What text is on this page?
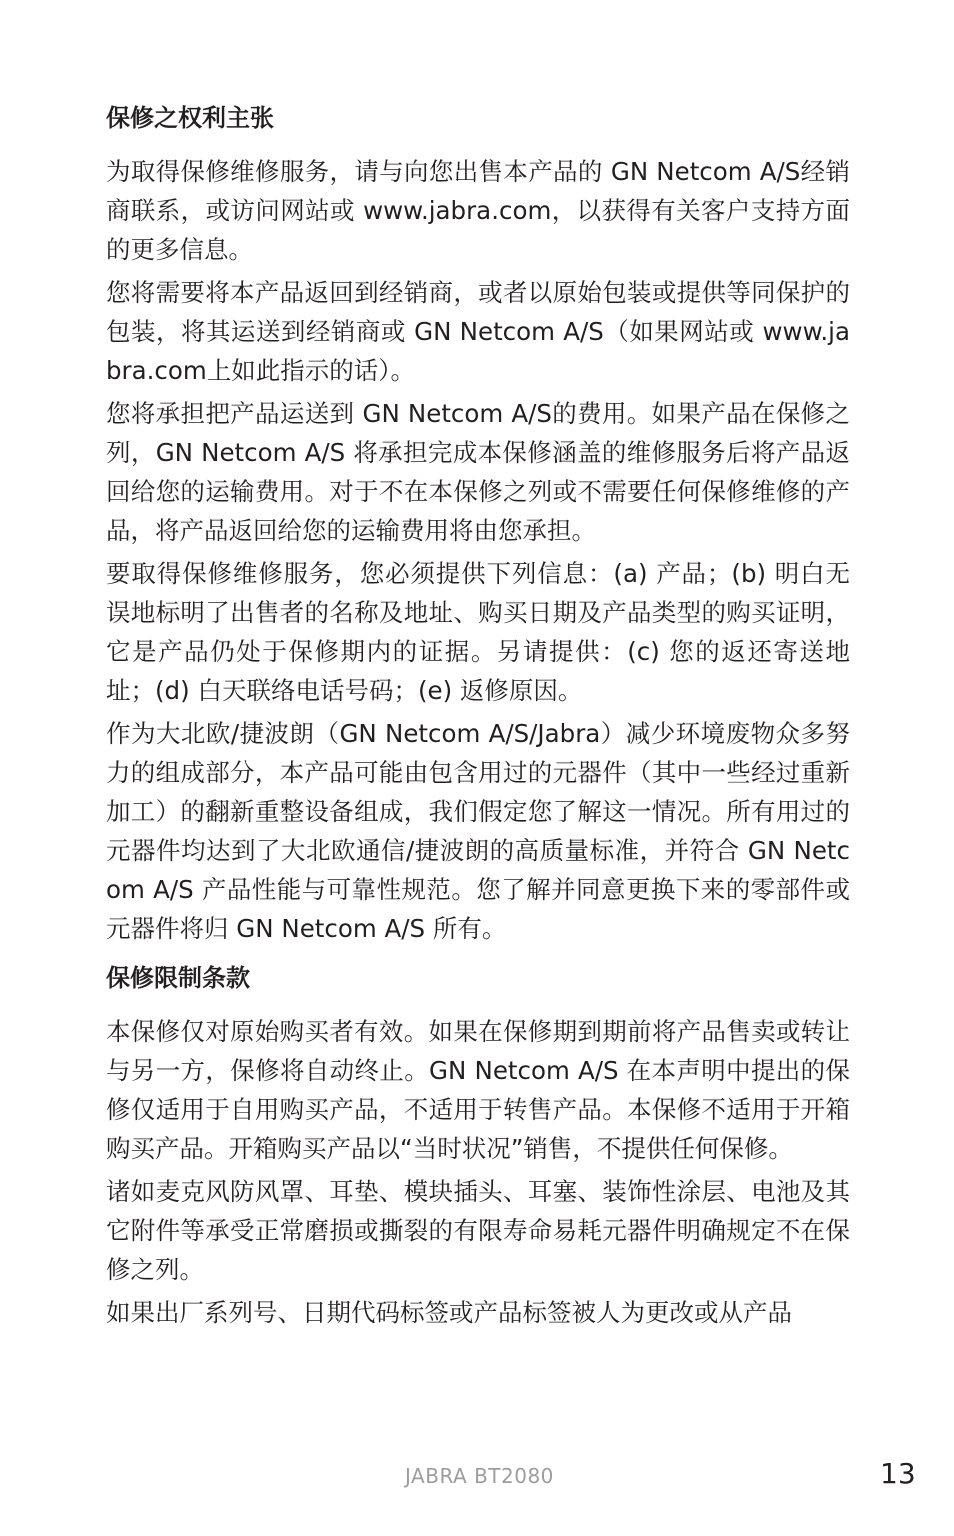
保修之权利主张

为取得保修维修服务，请与向您出售本产品的 GN Netcom A/S经销商联系，或访问网站或 www.jabra.com，以获得有关客户支持方面的更多信息。

您将需要将本产品返回到经销商，或者以原始包装或提供等同保护的包装，将其运送到经销商或 GN Netcom A/S（如果网站或 www.jabra.com上如此指示的话）。

您将承担把产品运送到 GN Netcom A/S的费用。如果产品在保修之列，GN Netcom A/S 将承担完成本保修涵盖的维修服务后将产品返回给您的运输费用。对于不在本保修之列或不需要任何保修维修的产品，将产品返回给您的运输费用将由您承担。

要取得保修维修服务，您必须提供下列信息：(a) 产品；(b) 明白无误地标明了出售者的名称及地址、购买日期及产品类型的购买证明，它是产品仍处于保修期内的证据。另请提供：(c) 您的返还寄送地址；(d) 白天联络电话号码；(e) 返修原因。

作为大北欧/捷波朗（GN Netcom A/S/Jabra）减少环境废物众多努力的组成部分，本产品可能由包含用过的元器件（其中一些经过重新加工）的翻新重整设备组成，我们假定您了解这一情况。所有用过的元器件均达到了大北欧通信/捷波朗的高质量标准，并符合 GN Netcom A/S 产品性能与可靠性规范。您了解并同意更换下来的零部件或元器件将归 GN Netcom A/S 所有。

保修限制条款

本保修仅对原始购买者有效。如果在保修期到期前将产品售卖或转让与另一方，保修将自动终止。GN Netcom A/S 在本声明中提出的保修仅适用于自用购买产品，不适用于转售产品。本保修不适用于开箱购买产品。开箱购买产品以“当时状况”销售，不提供任何保修。

诸如麦克风防风罩、耳垫、模块插头、耳塞、装饰性涂层、电池及其它附件等承受正常磨损或撕裂的有限寿命易耗元器件明确规定不在保修之列。

如果出厂系列号、日期代码标签或产品标签被人为更改或从产品

JABRA BT2080	13
